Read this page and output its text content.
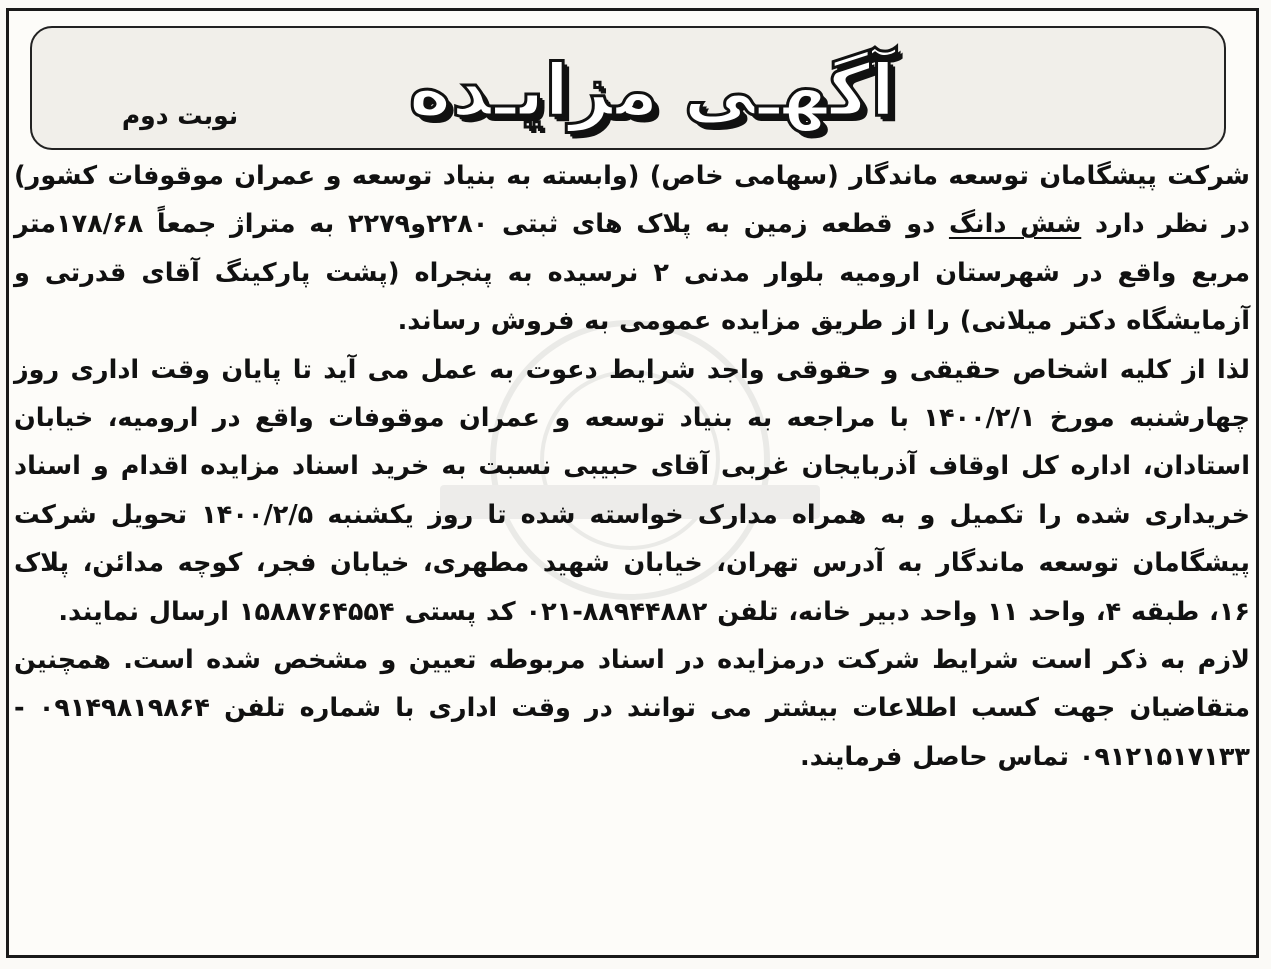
آگهـی مزایـده
نوبت دوم

شرکت پیشگامان توسعه ماندگار (سهامی خاص) (وابسته به بنیاد توسعه و عمران موقوفات کشور) در نظر دارد شش دانگ دو قطعه زمین به پلاک های ثبتی ۲۲۸۰و۲۲۷۹ به متراژ جمعاً ۱۷۸/۶۸متر مربع واقع در شهرستان ارومیه بلوار مدنی ۲ نرسیده به پنجراه (پشت پارکینگ آقای قدرتی و آزمایشگاه دکتر میلانی) را از طریق مزایده عمومی به فروش رساند.

لذا از کلیه اشخاص حقیقی و حقوقی واجد شرایط دعوت به عمل می آید تا پایان وقت اداری روز چهارشنبه مورخ ۱۴۰۰/۲/۱ با مراجعه به بنیاد توسعه و عمران موقوفات واقع در ارومیه، خیابان استادان، اداره کل اوقاف آذربایجان غربی آقای حبیبی نسبت به خرید اسناد مزایده اقدام و اسناد خریداری شده را تکمیل و به همراه مدارک خواسته شده تا روز یکشنبه ۱۴۰۰/۲/۵ تحویل شرکت پیشگامان توسعه ماندگار به آدرس تهران، خیابان شهید مطهری، خیابان فجر، کوچه مدائن، پلاک ۱۶، طبقه ۴، واحد ۱۱ واحد دبیر خانه، تلفن ۸۸۹۴۴۸۸۲-۰۲۱ کد پستی ۱۵۸۸۷۶۴۵۵۴ ارسال نمایند.

لازم به ذکر است شرایط شرکت درمزایده در اسناد مربوطه تعیین و مشخص شده است. همچنین متقاضیان جهت کسب اطلاعات بیشتر می توانند در وقت اداری با شماره تلفن ۰۹۱۴۹۸۱۹۸۶۴ - ۰۹۱۲۱۵۱۷۱۳۳ تماس حاصل فرمایند.
